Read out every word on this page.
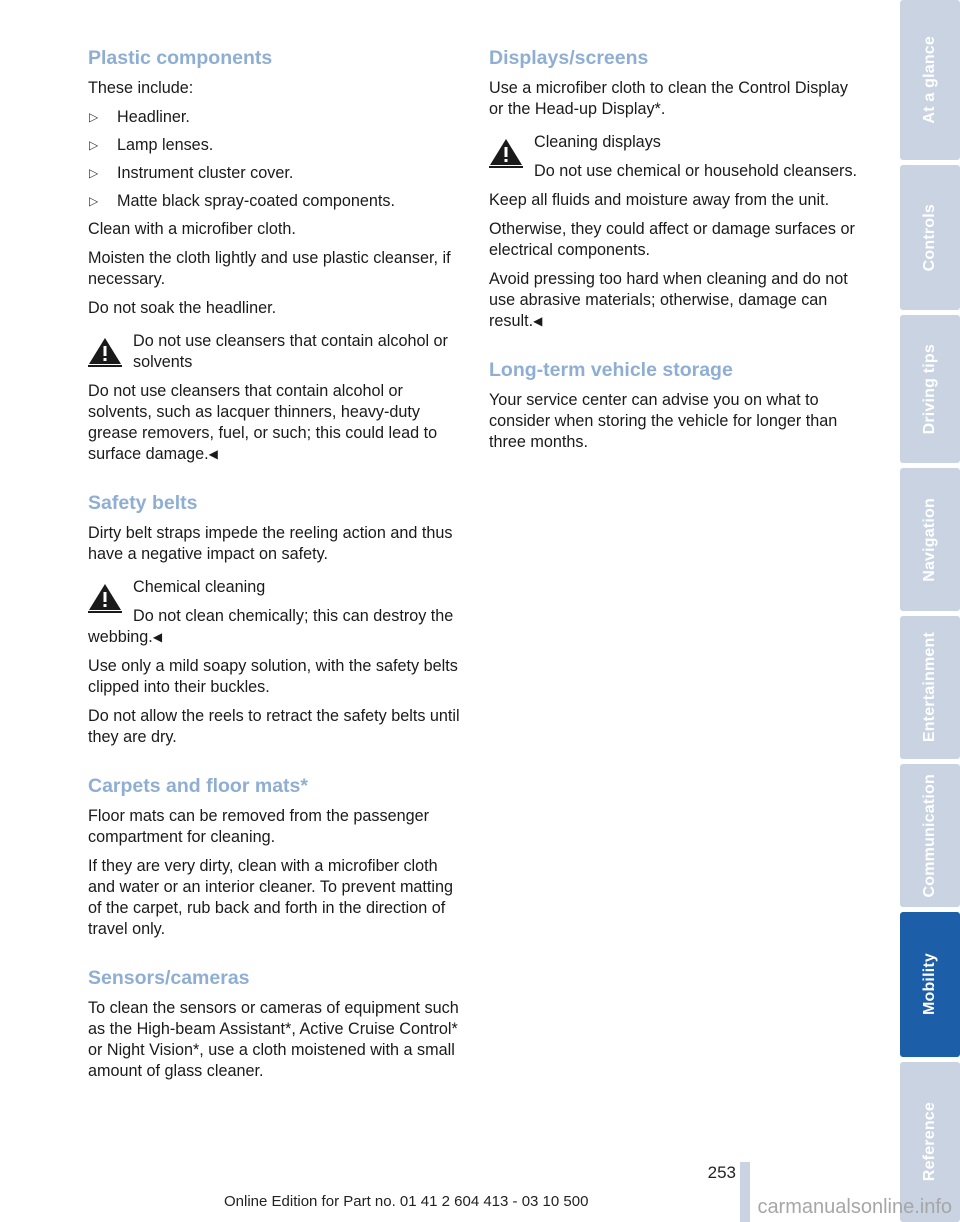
Plastic components

These include:

▷ Headliner.
▷ Lamp lenses.
▷ Instrument cluster cover.
▷ Matte black spray-coated components.

Clean with a microfiber cloth.

Moisten the cloth lightly and use plastic cleanser, if necessary.

Do not soak the headliner.

Do not use cleansers that contain alcohol or solvents
Do not use cleansers that contain alcohol or solvents, such as lacquer thinners, heavy-duty grease removers, fuel, or such; this could lead to surface damage.◀
Safety belts

Dirty belt straps impede the reeling action and thus have a negative impact on safety.

Chemical cleaning
Do not clean chemically; this can destroy the webbing.◀

Use only a mild soapy solution, with the safety belts clipped into their buckles.

Do not allow the reels to retract the safety belts until they are dry.

Carpets and floor mats*

Floor mats can be removed from the passenger compartment for cleaning.

If they are very dirty, clean with a microfiber cloth and water or an interior cleaner. To prevent matting of the carpet, rub back and forth in the direction of travel only.

Sensors/cameras

To clean the sensors or cameras of equipment such as the High-beam Assistant*, Active Cruise Control* or Night Vision*, use a cloth moistened with a small amount of glass cleaner.

Displays/screens

Use a microfiber cloth to clean the Control Display or the Head-up Display*.

Cleaning displays
Do not use chemical or household cleansers.

Keep all fluids and moisture away from the unit.

Otherwise, they could affect or damage surfaces or electrical components.

Avoid pressing too hard when cleaning and do not use abrasive materials; otherwise, damage can result.◀

Long-term vehicle storage

Your service center can advise you on what to consider when storing the vehicle for longer than three months.

At a glance
Controls
Driving tips
Navigation
Entertainment
Communication
Mobility
Reference
253
Online Edition for Part no. 01 41 2 604 413 - 03 10 500	carmanualsonline.info
